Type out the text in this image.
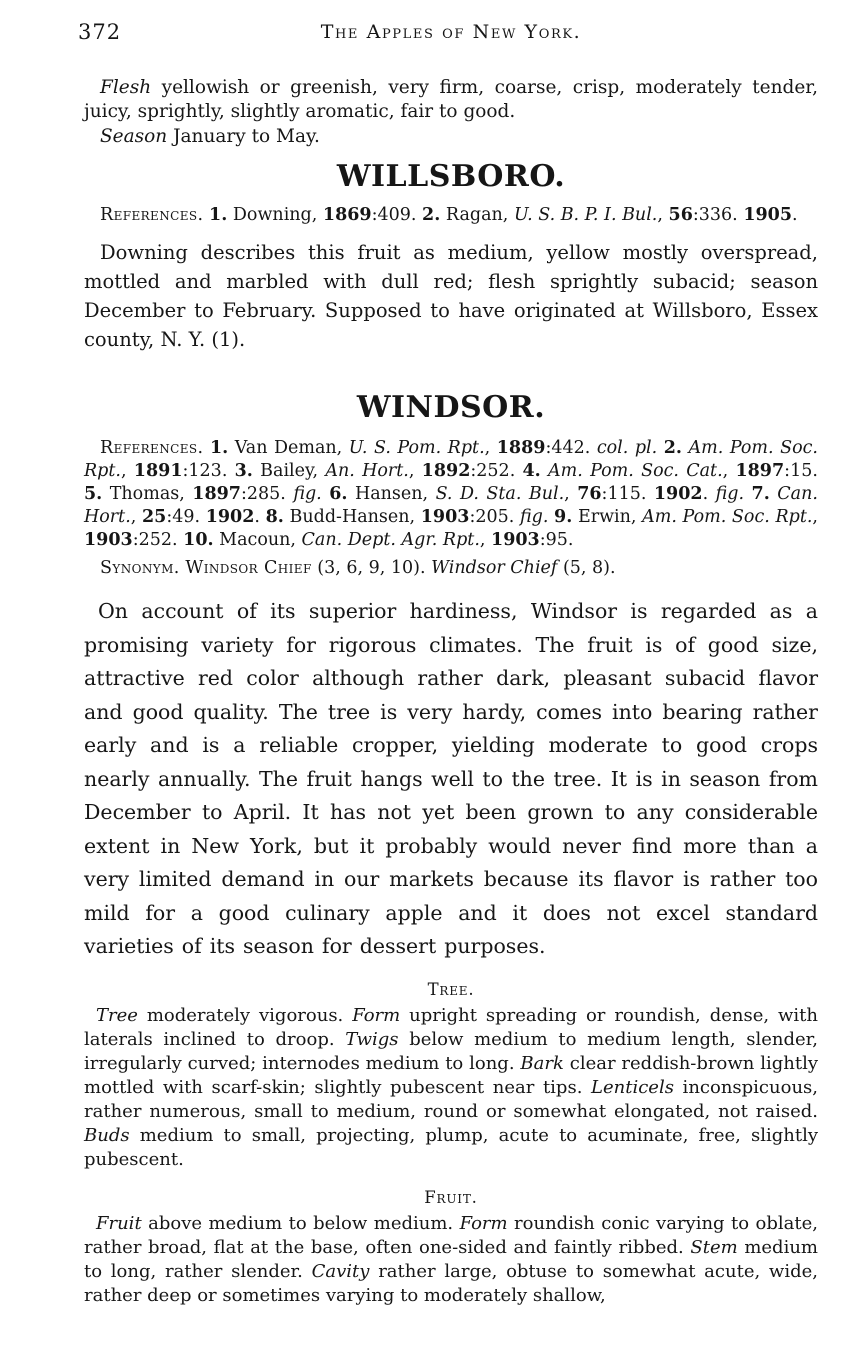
372	The Apples of New York.

Flesh yellowish or greenish, very firm, coarse, crisp, moderately tender, juicy, sprightly, slightly aromatic, fair to good.

Season January to May.

WILLSBORO.

References. 1. Downing, 1869:409. 2. Ragan, U. S. B. P. I. Bul., 56:336. 1905.

Downing describes this fruit as medium, yellow mostly overspread, mottled and marbled with dull red; flesh sprightly subacid; season December to February. Supposed to have originated at Willsboro, Essex county, N. Y. (1).

WINDSOR.

References. 1. Van Deman, U. S. Pom. Rpt., 1889:442. col. pl. 2. Am. Pom. Soc. Rpt., 1891:123. 3. Bailey, An. Hort., 1892:252. 4. Am. Pom. Soc. Cat., 1897:15. 5. Thomas, 1897:285. fig. 6. Hansen, S. D. Sta. Bul., 76:115. 1902. fig. 7. Can. Hort., 25:49. 1902. 8. Budd-Hansen, 1903:205. fig. 9. Erwin, Am. Pom. Soc. Rpt., 1903:252. 10. Macoun, Can. Dept. Agr. Rpt., 1903:95.

Synonym. Windsor Chief (3, 6, 9, 10). Windsor Chief (5, 8).

On account of its superior hardiness, Windsor is regarded as a promising variety for rigorous climates. The fruit is of good size, attractive red color although rather dark, pleasant subacid flavor and good quality. The tree is very hardy, comes into bearing rather early and is a reliable cropper, yielding moderate to good crops nearly annually. The fruit hangs well to the tree. It is in season from December to April. It has not yet been grown to any considerable extent in New York, but it probably would never find more than a very limited demand in our markets because its flavor is rather too mild for a good culinary apple and it does not excel standard varieties of its season for dessert purposes.

Tree.

Tree moderately vigorous. Form upright spreading or roundish, dense, with laterals inclined to droop. Twigs below medium to medium length, slender, irregularly curved; internodes medium to long. Bark clear reddish-brown lightly mottled with scarf-skin; slightly pubescent near tips. Lenticels inconspicuous, rather numerous, small to medium, round or somewhat elongated, not raised. Buds medium to small, projecting, plump, acute to acuminate, free, slightly pubescent.

Fruit.

Fruit above medium to below medium. Form roundish conic varying to oblate, rather broad, flat at the base, often one-sided and faintly ribbed. Stem medium to long, rather slender. Cavity rather large, obtuse to somewhat acute, wide, rather deep or sometimes varying to moderately shallow,
